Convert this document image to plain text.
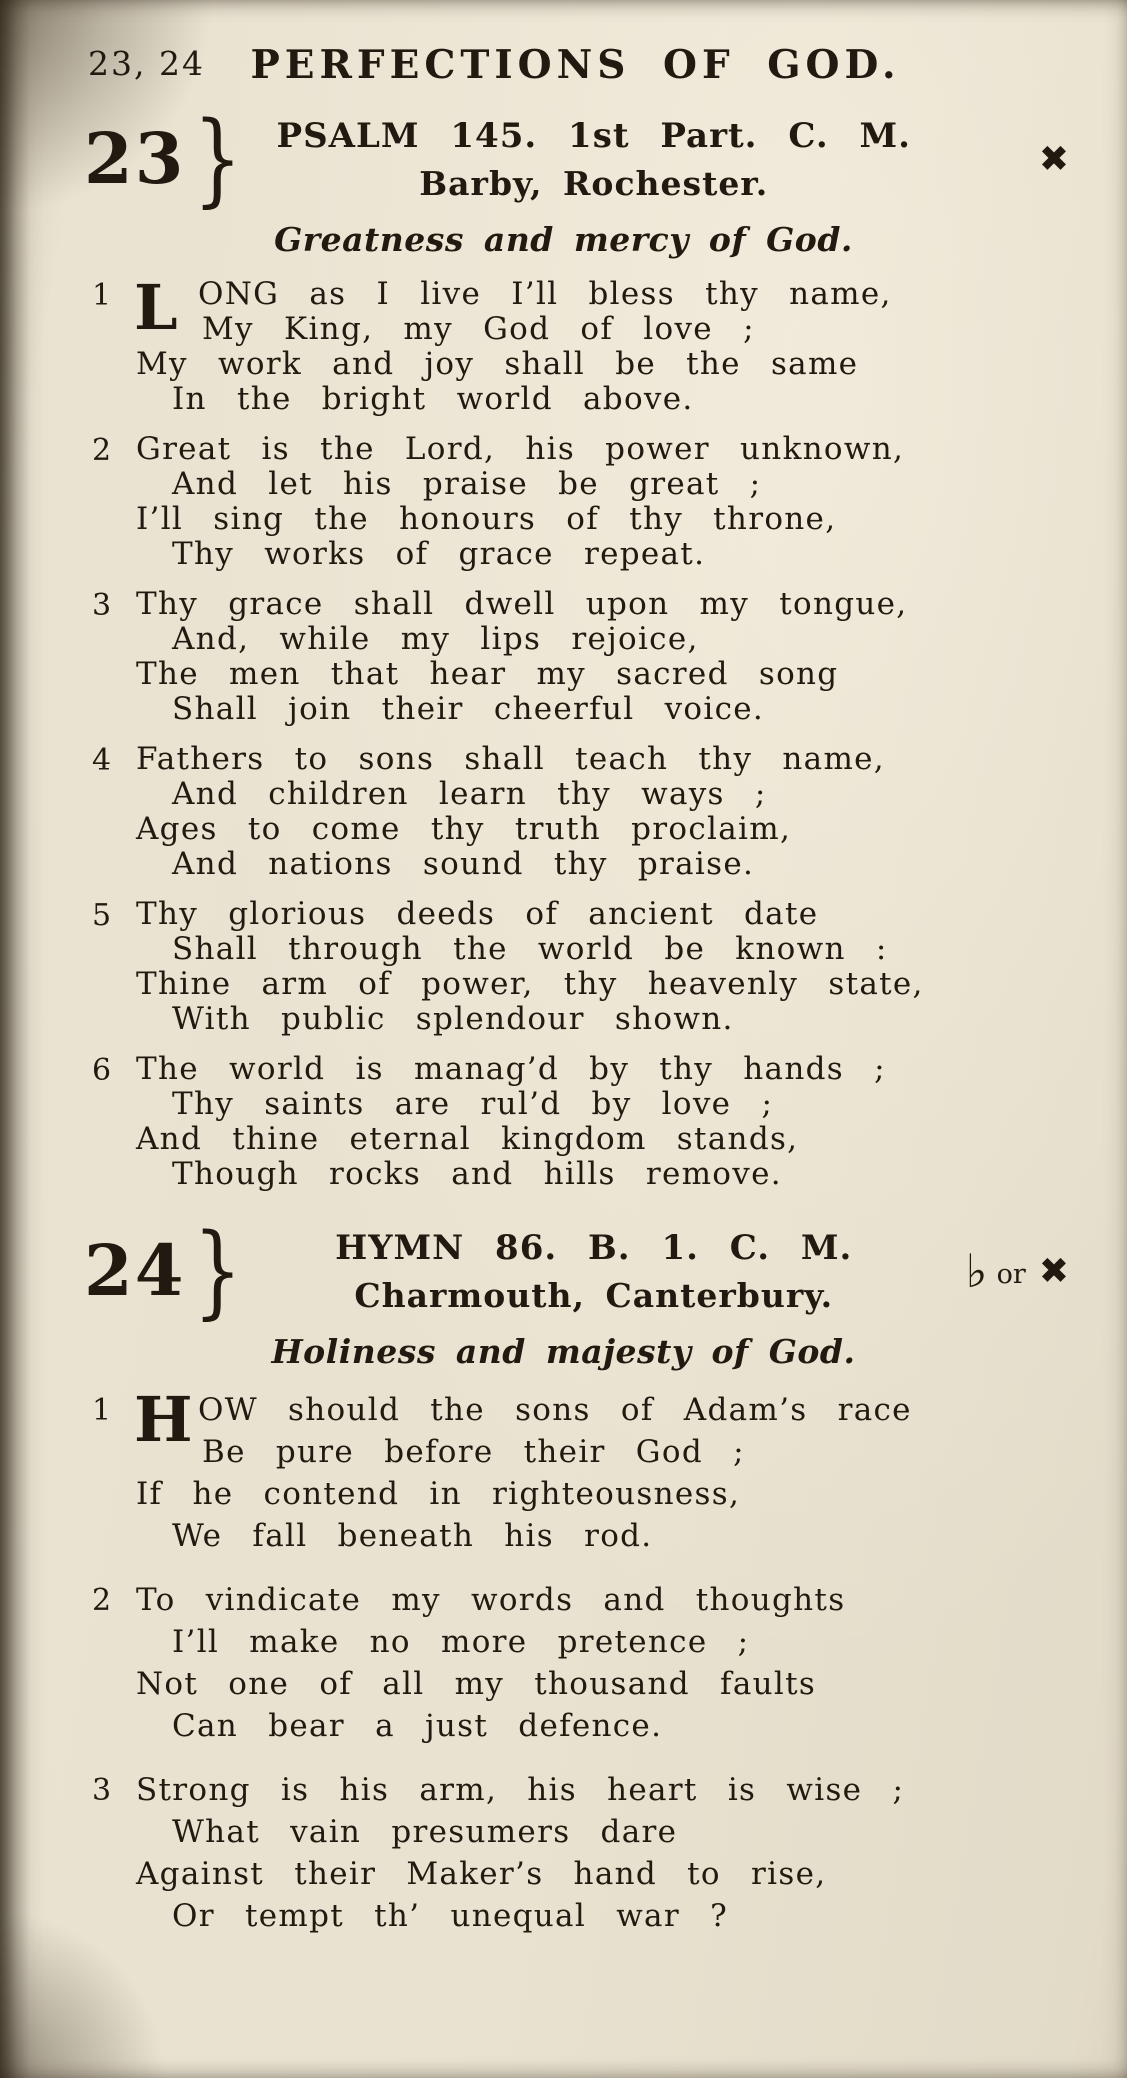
23, 24	PERFECTIONS OF GOD.
23 }	PSALM 145. 1st Part. C. M.
Barby, Rochester.
✖
Greatness and mercy of God.
1 L ONG as I live I’ll bless thy name,
My King, my God of love ;
My work and joy shall be the same
In the bright world above.
2 Great is the Lord, his power unknown,
And let his praise be great ;
I’ll sing the honours of thy throne,
Thy works of grace repeat.
3 Thy grace shall dwell upon my tongue,
And, while my lips rejoice,
The men that hear my sacred song
Shall join their cheerful voice.
4 Fathers to sons shall teach thy name,
And children learn thy ways ;
Ages to come thy truth proclaim,
And nations sound thy praise.
5 Thy glorious deeds of ancient date
Shall through the world be known :
Thine arm of power, thy heavenly state,
With public splendour shown.
6 The world is manag’d by thy hands ;
Thy saints are rul’d by love ;
And thine eternal kingdom stands,
Though rocks and hills remove.
24 }	HYMN 86. B. 1. C. M.
Charmouth, Canterbury.	♭ or ✖
Holiness and majesty of God.
1 H OW should the sons of Adam’s race
Be pure before their God ;
If he contend in righteousness,
We fall beneath his rod.
2 To vindicate my words and thoughts
I’ll make no more pretence ;
Not one of all my thousand faults
Can bear a just defence.
3 Strong is his arm, his heart is wise ;
What vain presumers dare
Against their Maker’s hand to rise,
Or tempt th’ unequal war ?
